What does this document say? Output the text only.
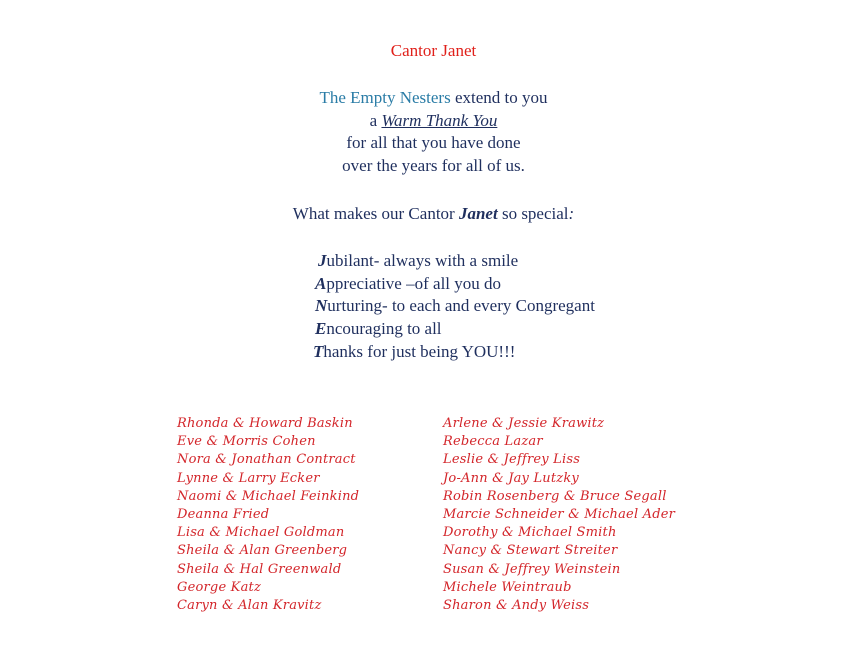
Cantor Janet
The Empty Nesters extend to you
a Warm Thank You
for all that you have done
over the years for all of us.
What makes our Cantor Janet so special:
Jubilant- always with a smile
Appreciative –of all you do
Nurturing- to each and every Congregant
Encouraging to all
Thanks for just being YOU!!!
Rhonda & Howard Baskin
Eve & Morris Cohen
Nora & Jonathan Contract
Lynne & Larry Ecker
Naomi & Michael Feinkind
Deanna Fried
Lisa & Michael Goldman
Sheila & Alan Greenberg
Sheila & Hal Greenwald
George Katz
Caryn & Alan Kravitz
Arlene & Jessie Krawitz
Rebecca Lazar
Leslie & Jeffrey Liss
Jo-Ann & Jay Lutzky
Robin Rosenberg & Bruce Segall
Marcie Schneider & Michael Ader
Dorothy & Michael Smith
Nancy & Stewart Streiter
Susan & Jeffrey Weinstein
Michele Weintraub
Sharon & Andy Weiss
